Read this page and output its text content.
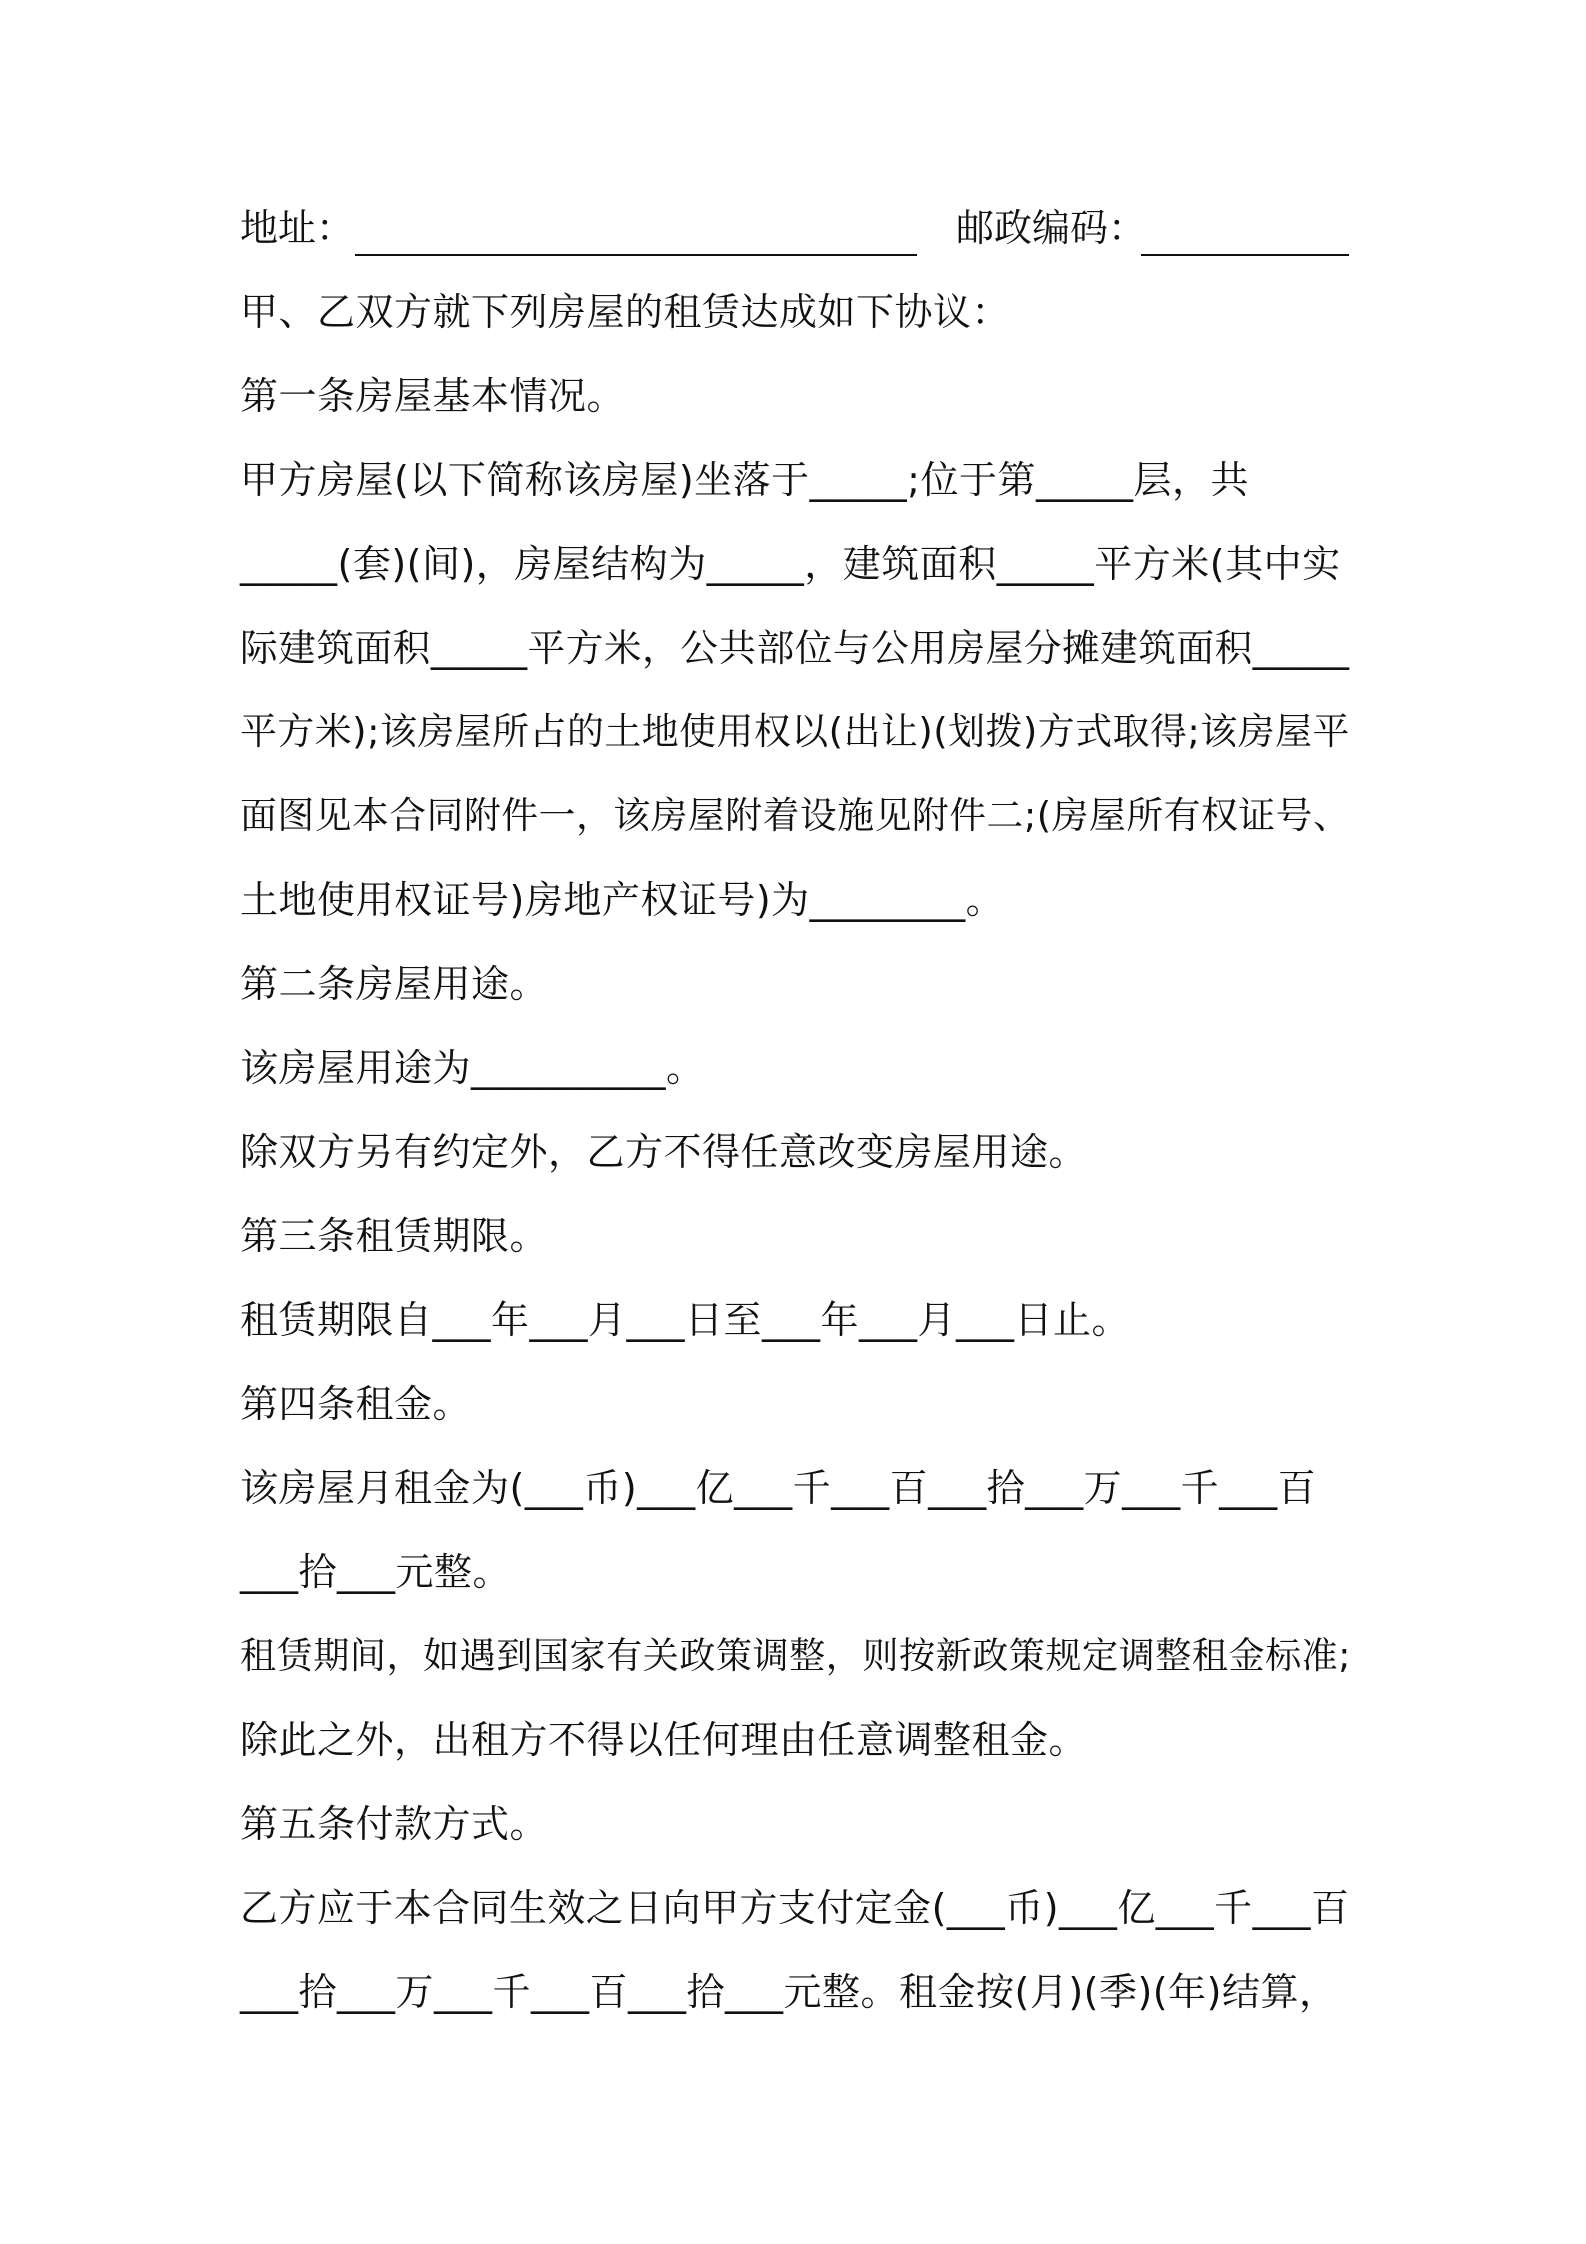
地址：	邮政编码：

甲、乙双方就下列房屋的租赁达成如下协议：

第一条房屋基本情况。

甲方房屋(以下简称该房屋)坐落于_____;位于第_____层，共

_____(套)(间)，房屋结构为_____，建筑面积_____平方米(其中实

际建筑面积_____平方米，公共部位与公用房屋分摊建筑面积_____

平方米);该房屋所占的土地使用权以(出让)(划拨)方式取得;该房屋平

面图见本合同附件一，该房屋附着设施见附件二;(房屋所有权证号、

土地使用权证号)房地产权证号)为________。

第二条房屋用途。

该房屋用途为__________。

除双方另有约定外，乙方不得任意改变房屋用途。

第三条租赁期限。

租赁期限自___年___月___日至___年___月___日止。

第四条租金。

该房屋月租金为(___币)___亿___千___百___拾___万___千___百

___拾___元整。

租赁期间，如遇到国家有关政策调整，则按新政策规定调整租金标准;

除此之外，出租方不得以任何理由任意调整租金。

第五条付款方式。

乙方应于本合同生效之日向甲方支付定金(___币)___亿___千___百

___拾___万___千___百___拾___元整。租金按(月)(季)(年)结算，
